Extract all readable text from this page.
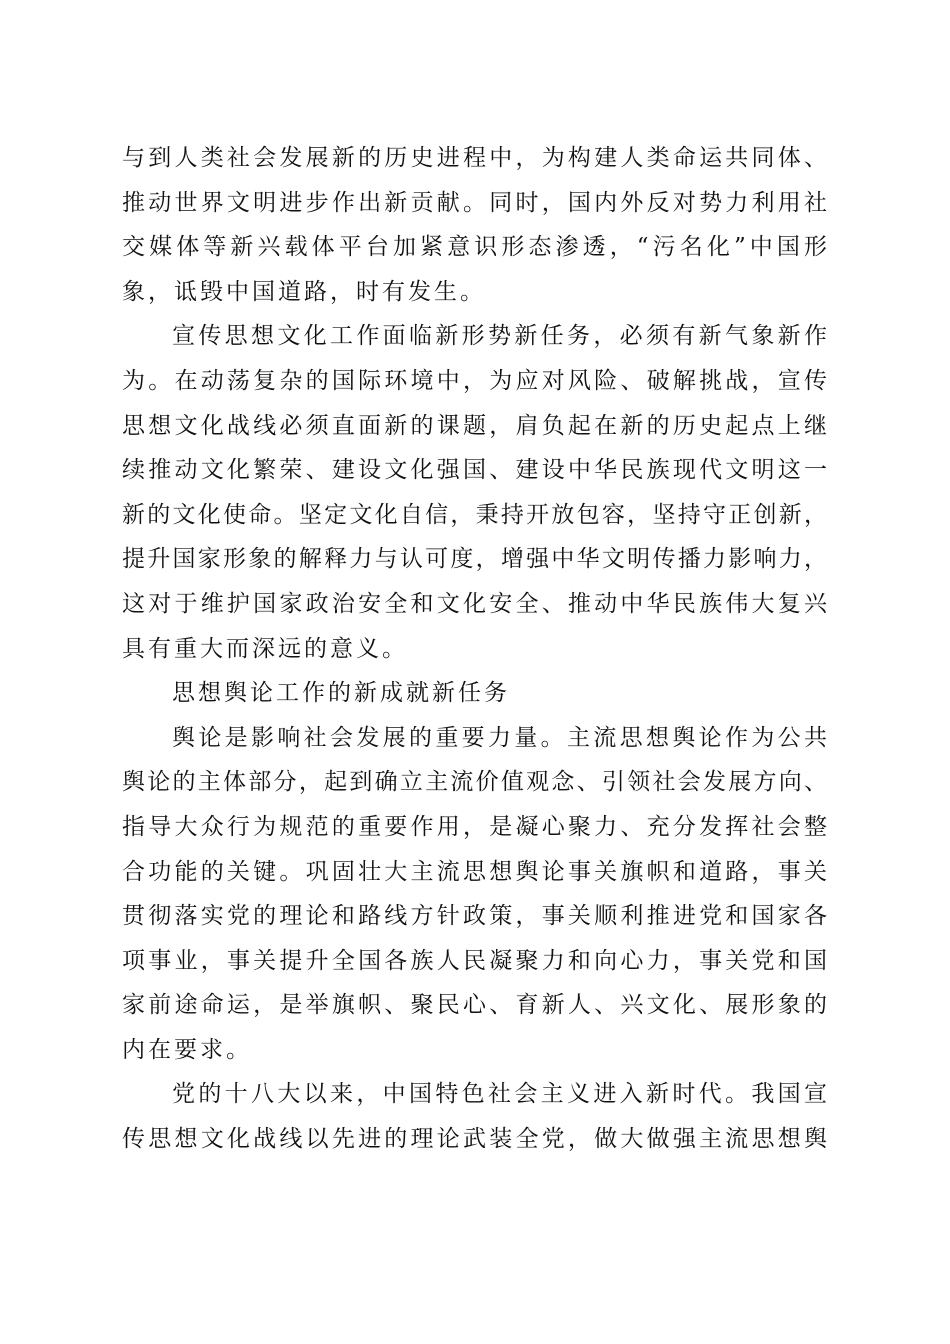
与到人类社会发展新的历史进程中，为构建人类命运共同体、
推动世界文明进步作出新贡献。同时，国内外反对势力利用社
交媒体等新兴载体平台加紧意识形态渗透，“污名化”中国形
象，诋毁中国道路，时有发生。
宣传思想文化工作面临新形势新任务，必须有新气象新作
为。在动荡复杂的国际环境中，为应对风险、破解挑战，宣传
思想文化战线必须直面新的课题，肩负起在新的历史起点上继
续推动文化繁荣、建设文化强国、建设中华民族现代文明这一
新的文化使命。坚定文化自信，秉持开放包容，坚持守正创新，
提升国家形象的解释力与认可度，增强中华文明传播力影响力，
这对于维护国家政治安全和文化安全、推动中华民族伟大复兴
具有重大而深远的意义。
思想舆论工作的新成就新任务
舆论是影响社会发展的重要力量。主流思想舆论作为公共
舆论的主体部分，起到确立主流价值观念、引领社会发展方向、
指导大众行为规范的重要作用，是凝心聚力、充分发挥社会整
合功能的关键。巩固壮大主流思想舆论事关旗帜和道路，事关
贯彻落实党的理论和路线方针政策，事关顺利推进党和国家各
项事业，事关提升全国各族人民凝聚力和向心力，事关党和国
家前途命运，是举旗帜、聚民心、育新人、兴文化、展形象的
内在要求。
党的十八大以来，中国特色社会主义进入新时代。我国宣
传思想文化战线以先进的理论武装全党，做大做强主流思想舆
